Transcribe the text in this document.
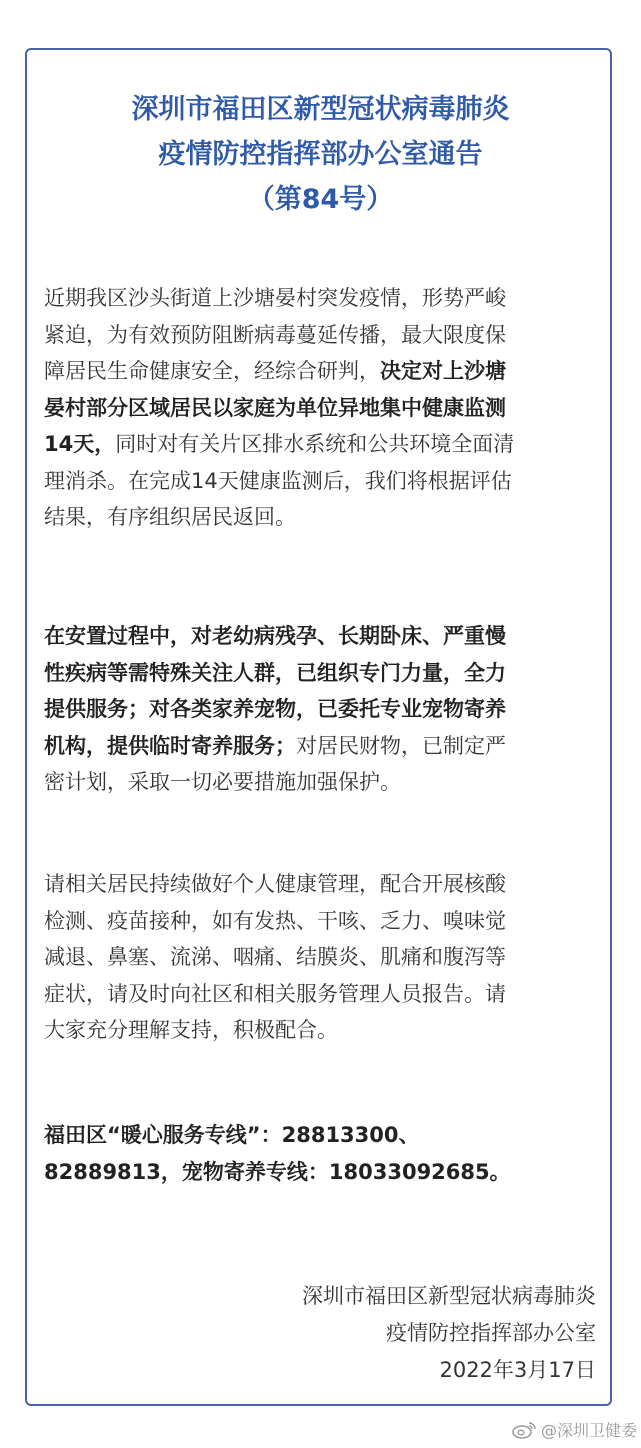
深圳市福田区新型冠状病毒肺炎
疫情防控指挥部办公室通告
（第84号）
近期我区沙头街道上沙塘晏村突发疫情，形势严峻
紧迫，为有效预防阻断病毒蔓延传播，最大限度保
障居民生命健康安全，经综合研判，决定对上沙塘
晏村部分区域居民以家庭为单位异地集中健康监测
14天，同时对有关片区排水系统和公共环境全面清
理消杀。在完成14天健康监测后，我们将根据评估
结果，有序组织居民返回。
在安置过程中，对老幼病残孕、长期卧床、严重慢
性疾病等需特殊关注人群，已组织专门力量，全力
提供服务；对各类家养宠物，已委托专业宠物寄养
机构，提供临时寄养服务；对居民财物，已制定严
密计划，采取一切必要措施加强保护。
请相关居民持续做好个人健康管理，配合开展核酸
检测、疫苗接种，如有发热、干咳、乏力、嗅味觉
减退、鼻塞、流涕、咽痛、结膜炎、肌痛和腹泻等
症状，请及时向社区和相关服务管理人员报告。请
大家充分理解支持，积极配合。
福田区“暖心服务专线”：28813300、
82889813，宠物寄养专线：18033092685。
深圳市福田区新型冠状病毒肺炎
疫情防控指挥部办公室
2022年3月17日
@深圳卫健委
